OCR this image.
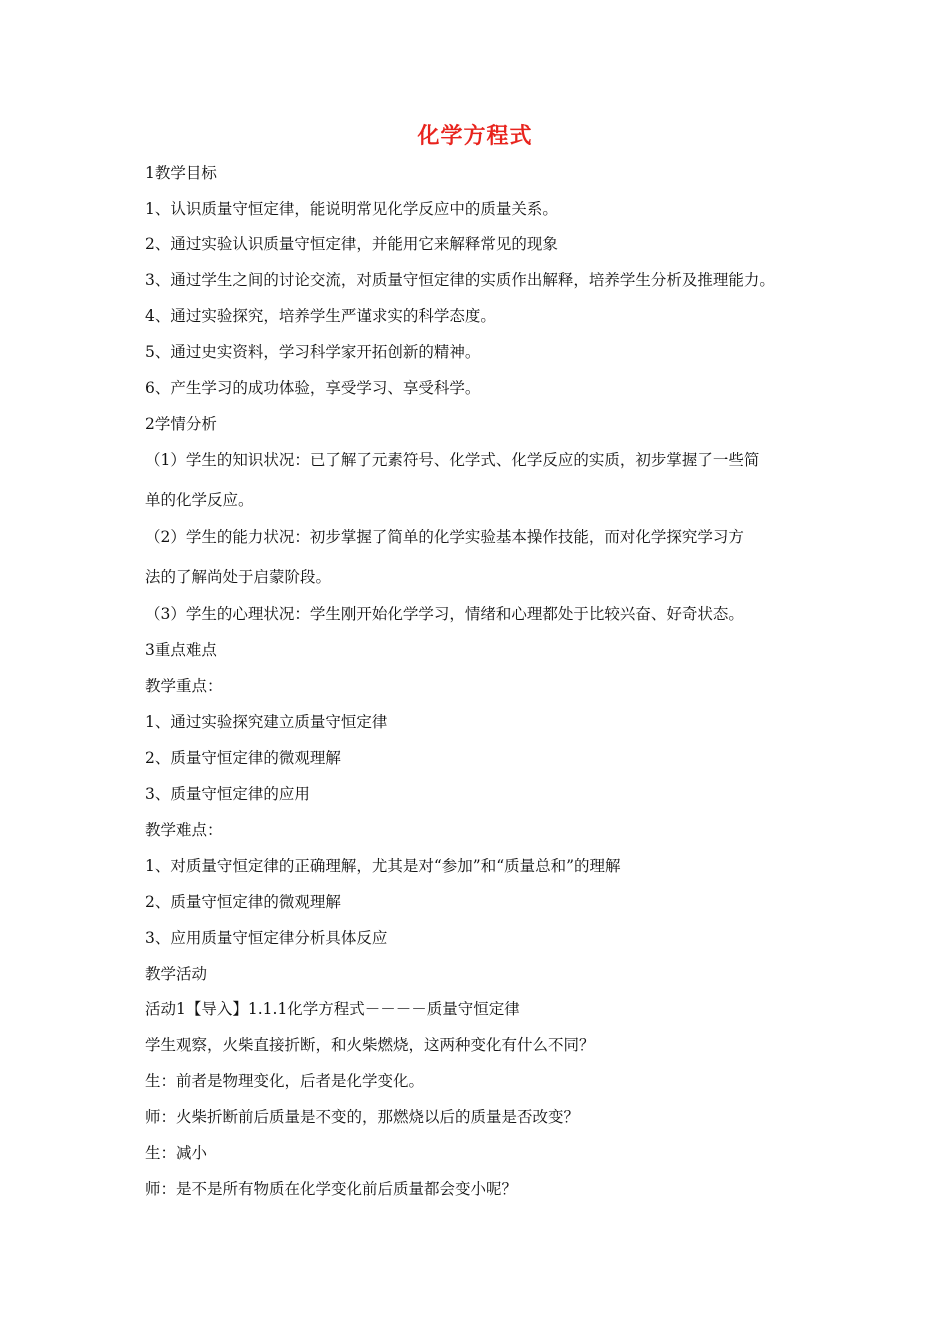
化学方程式
1教学目标
1、认识质量守恒定律，能说明常见化学反应中的质量关系。
2、通过实验认识质量守恒定律，并能用它来解释常见的现象
3、通过学生之间的讨论交流，对质量守恒定律的实质作出解释，培养学生分析及推理能力。
4、通过实验探究，培养学生严谨求实的科学态度。
5、通过史实资料，学习科学家开拓创新的精神。
6、产生学习的成功体验，享受学习、享受科学。
2学情分析
（1）学生的知识状况：已了解了元素符号、化学式、化学反应的实质，初步掌握了一些简
单的化学反应。
（2）学生的能力状况：初步掌握了简单的化学实验基本操作技能，而对化学探究学习方
法的了解尚处于启蒙阶段。
（3）学生的心理状况：学生刚开始化学学习，情绪和心理都处于比较兴奋、好奇状态。
3重点难点
教学重点：
1、通过实验探究建立质量守恒定律
2、质量守恒定律的微观理解
3、质量守恒定律的应用
教学难点：
1、对质量守恒定律的正确理解，尤其是对“参加”和“质量总和”的理解
2、质量守恒定律的微观理解
3、应用质量守恒定律分析具体反应
教学活动
活动1【导入】1.1.1化学方程式－－－－质量守恒定律
学生观察，火柴直接折断，和火柴燃烧，这两种变化有什么不同？
生：前者是物理变化，后者是化学变化。
师：火柴折断前后质量是不变的，那燃烧以后的质量是否改变？
生：减小
师：是不是所有物质在化学变化前后质量都会变小呢？
